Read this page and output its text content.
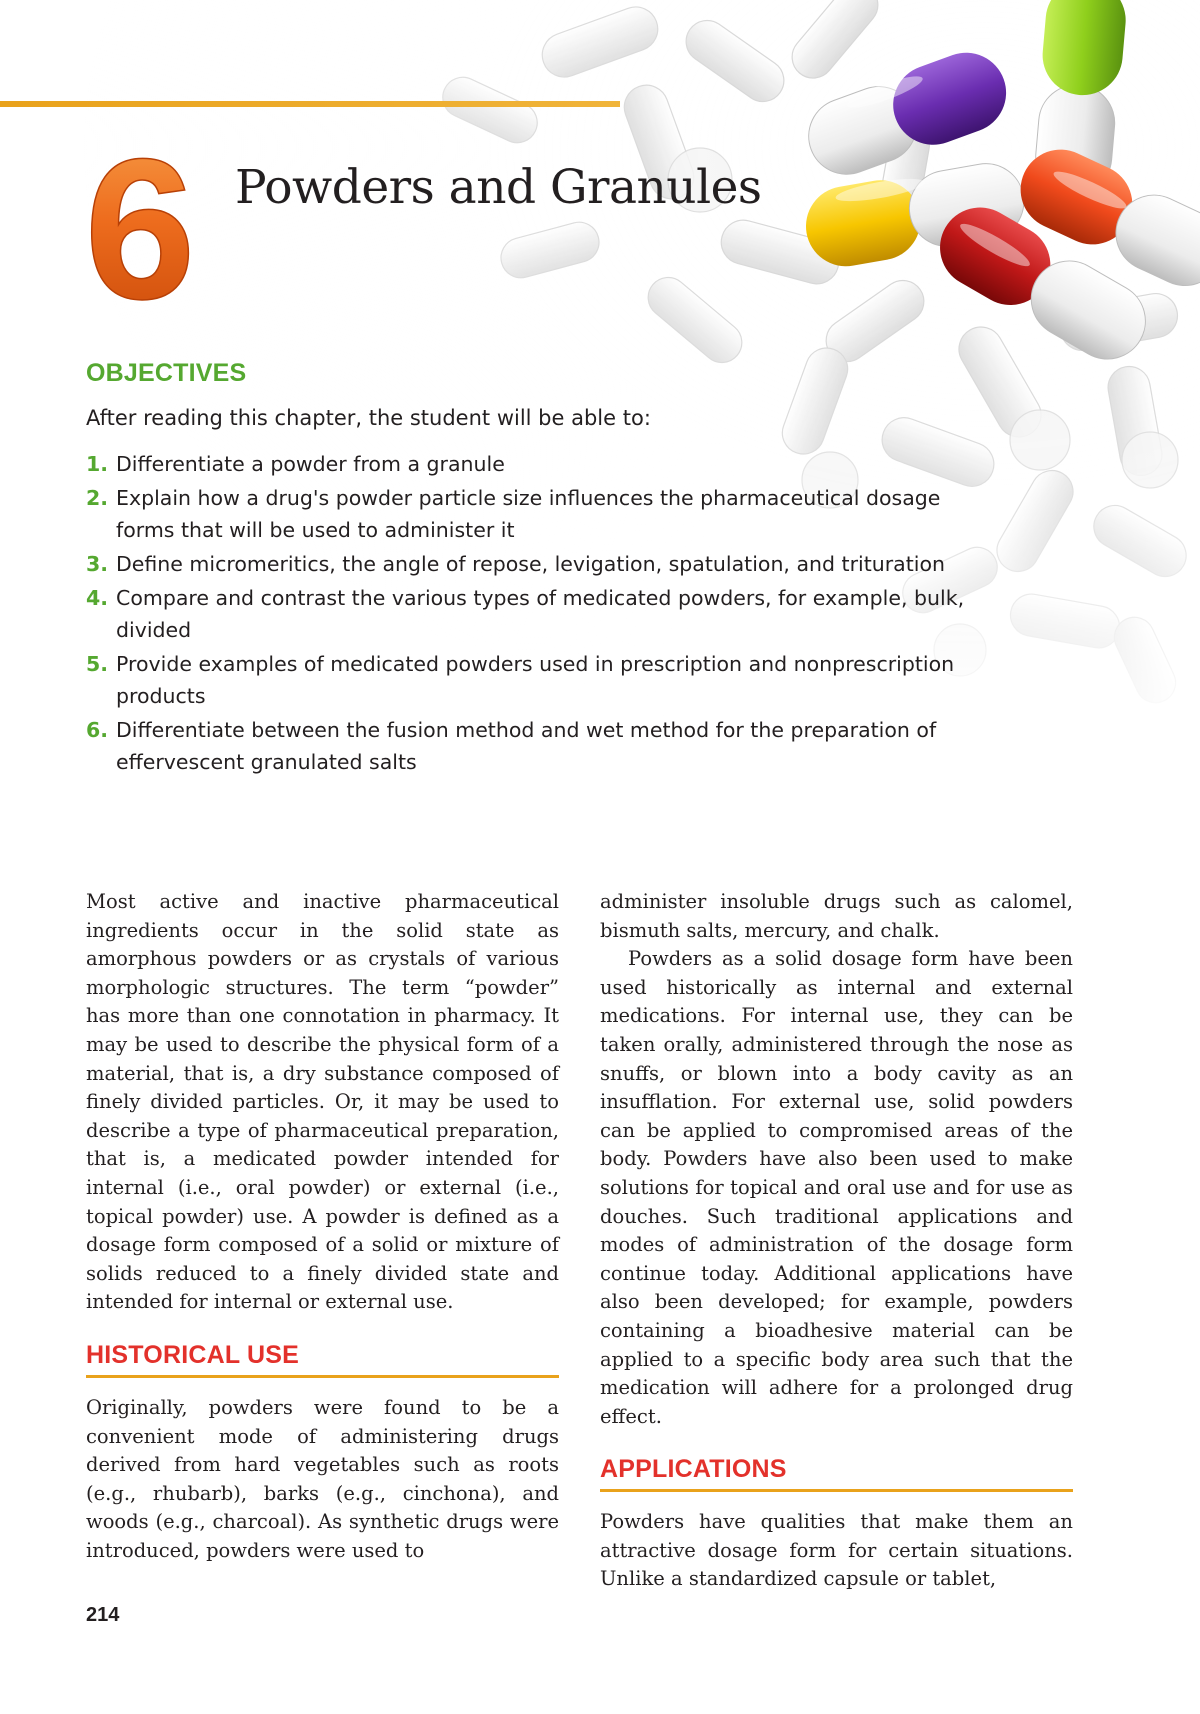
6 Powders and Granules
OBJECTIVES

After reading this chapter, the student will be able to:

1. Differentiate a powder from a granule
2. Explain how a drug's powder particle size influences the pharmaceutical dosage forms that will be used to administer it
3. Define micromeritics, the angle of repose, levigation, spatulation, and trituration
4. Compare and contrast the various types of medicated powders, for example, bulk, divided
5. Provide examples of medicated powders used in prescription and nonprescription products
6. Differentiate between the fusion method and wet method for the preparation of effervescent granulated salts

Most active and inactive pharmaceutical ingredients occur in the solid state as amorphous powders or as crystals of various morphologic structures. The term “powder” has more than one connotation in pharmacy. It may be used to describe the physical form of a material, that is, a dry substance composed of finely divided particles. Or, it may be used to describe a type of pharmaceutical preparation, that is, a medicated powder intended for internal (i.e., oral powder) or external (i.e., topical powder) use. A powder is defined as a dosage form composed of a solid or mixture of solids reduced to a finely divided state and intended for internal or external use.

HISTORICAL USE

Originally, powders were found to be a convenient mode of administering drugs derived from hard vegetables such as roots (e.g., rhubarb), barks (e.g., cinchona), and woods (e.g., charcoal). As synthetic drugs were introduced, powders were used to

administer insoluble drugs such as calomel, bismuth salts, mercury, and chalk.

Powders as a solid dosage form have been used historically as internal and external medications. For internal use, they can be taken orally, administered through the nose as snuffs, or blown into a body cavity as an insufflation. For external use, solid powders can be applied to compromised areas of the body. Powders have also been used to make solutions for topical and oral use and for use as douches. Such traditional applications and modes of administration of the dosage form continue today. Additional applications have also been developed; for example, powders containing a bioadhesive material can be applied to a specific body area such that the medication will adhere for a prolonged drug effect.

APPLICATIONS

Powders have qualities that make them an attractive dosage form for certain situations. Unlike a standardized capsule or tablet,

214
